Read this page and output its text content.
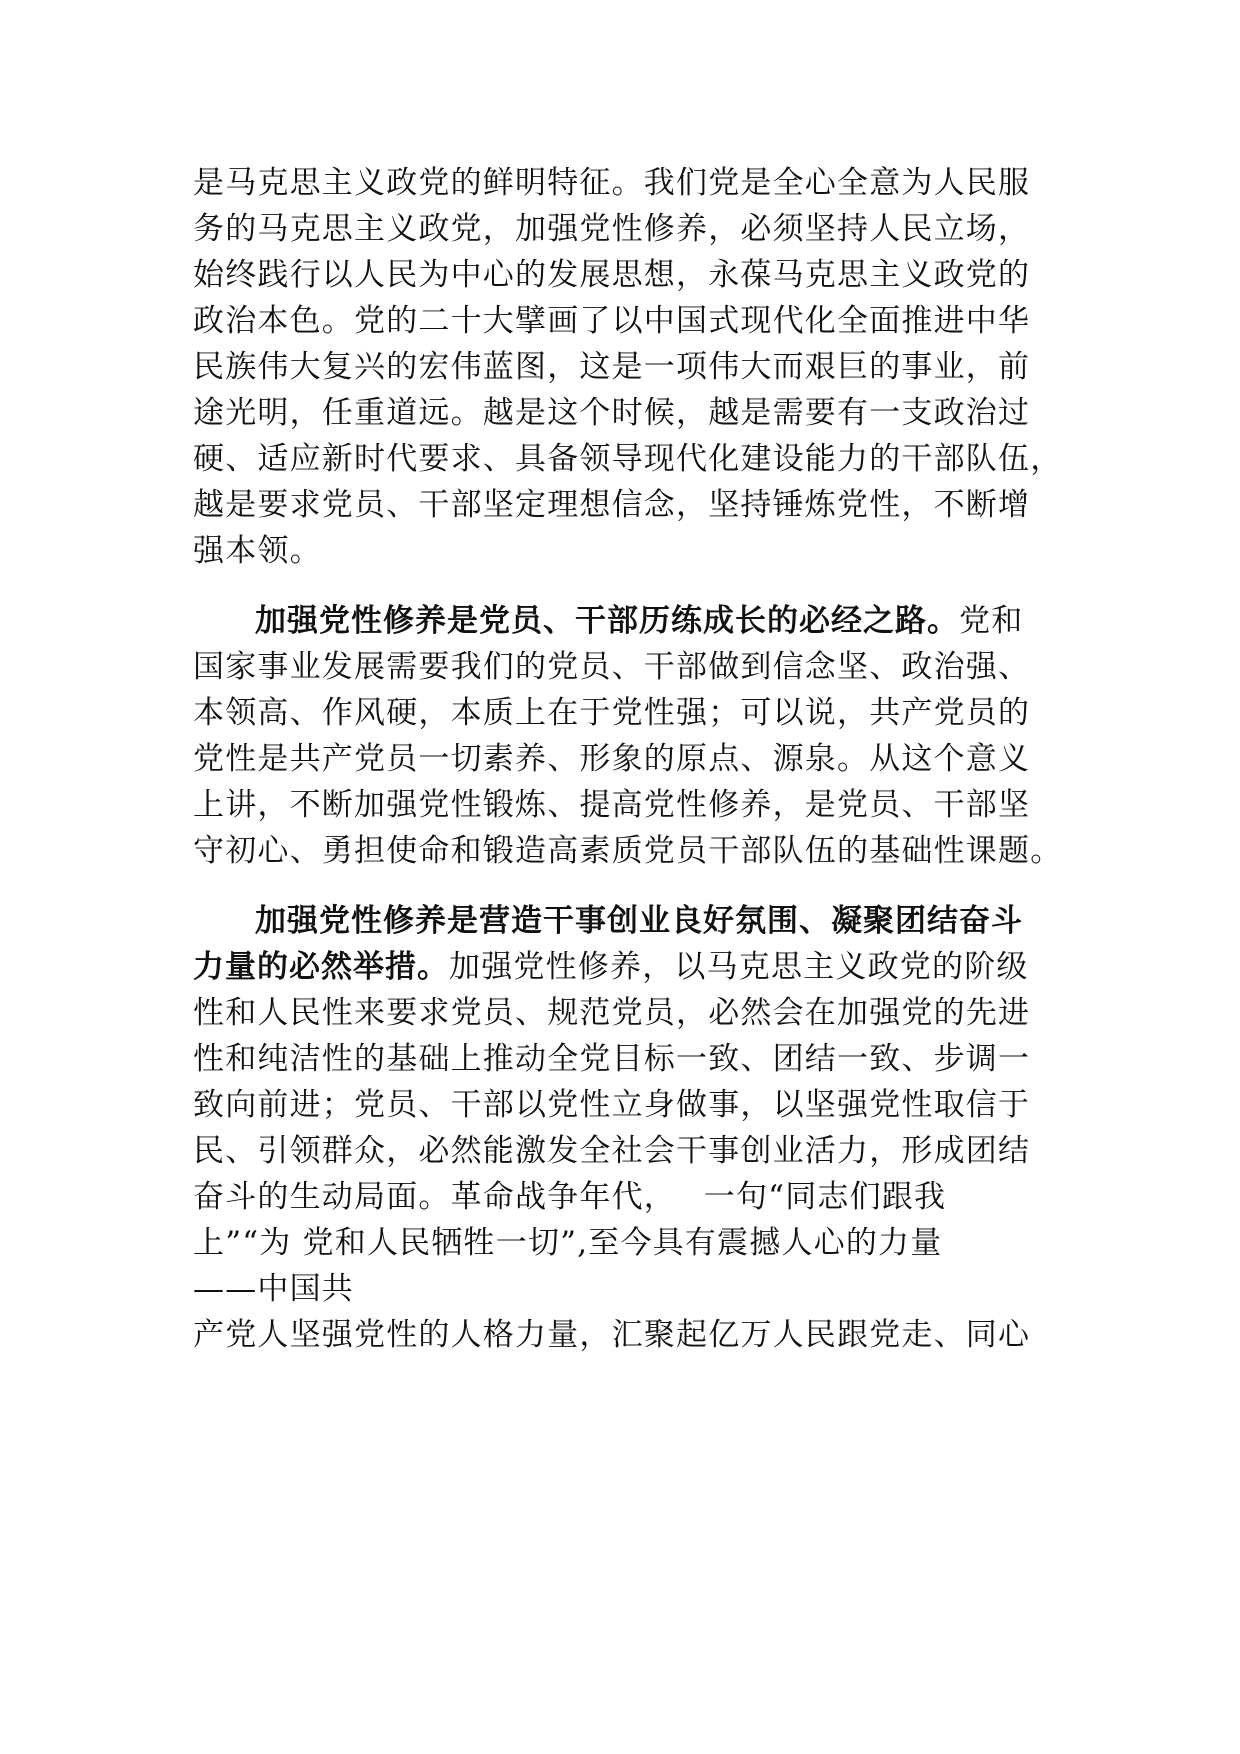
是马克思主义政党的鲜明特征。我们党是全心全意为人民服
务的马克思主义政党，加强党性修养，必须坚持人民立场，
始终践行以人民为中心的发展思想，永葆马克思主义政党的
政治本色。党的二十大擘画了以中国式现代化全面推进中华
民族伟大复兴的宏伟蓝图，这是一项伟大而艰巨的事业，前
途光明，任重道远。越是这个时候，越是需要有一支政治过
硬、适应新时代要求、具备领导现代化建设能力的干部队伍，
越是要求党员、干部坚定理想信念，坚持锤炼党性，不断增
强本领。
加强党性修养是党员、干部历练成长的必经之路。党和
国家事业发展需要我们的党员、干部做到信念坚、政治强、
本领高、作风硬，本质上在于党性强；可以说，共产党员的
党性是共产党员一切素养、形象的原点、源泉。从这个意义
上讲，不断加强党性锻炼、提高党性修养，是党员、干部坚
守初心、勇担使命和锻造高素质党员干部队伍的基础性课题。
加强党性修养是营造干事创业良好氛围、凝聚团结奋斗
力量的必然举措。加强党性修养，以马克思主义政党的阶级
性和人民性来要求党员、规范党员，必然会在加强党的先进
性和纯洁性的基础上推动全党目标一致、团结一致、步调一
致向前进；党员、干部以党性立身做事，以坚强党性取信于
民、引领群众，必然能激发全社会干事创业活力，形成团结
奋斗的生动局面。革命战争年代，　 一句“同志们跟我
上”“为 党和人民牺牲一切”,至今具有震撼人心的力量
——中国共
产党人坚强党性的人格力量，汇聚起亿万人民跟党走、同心
